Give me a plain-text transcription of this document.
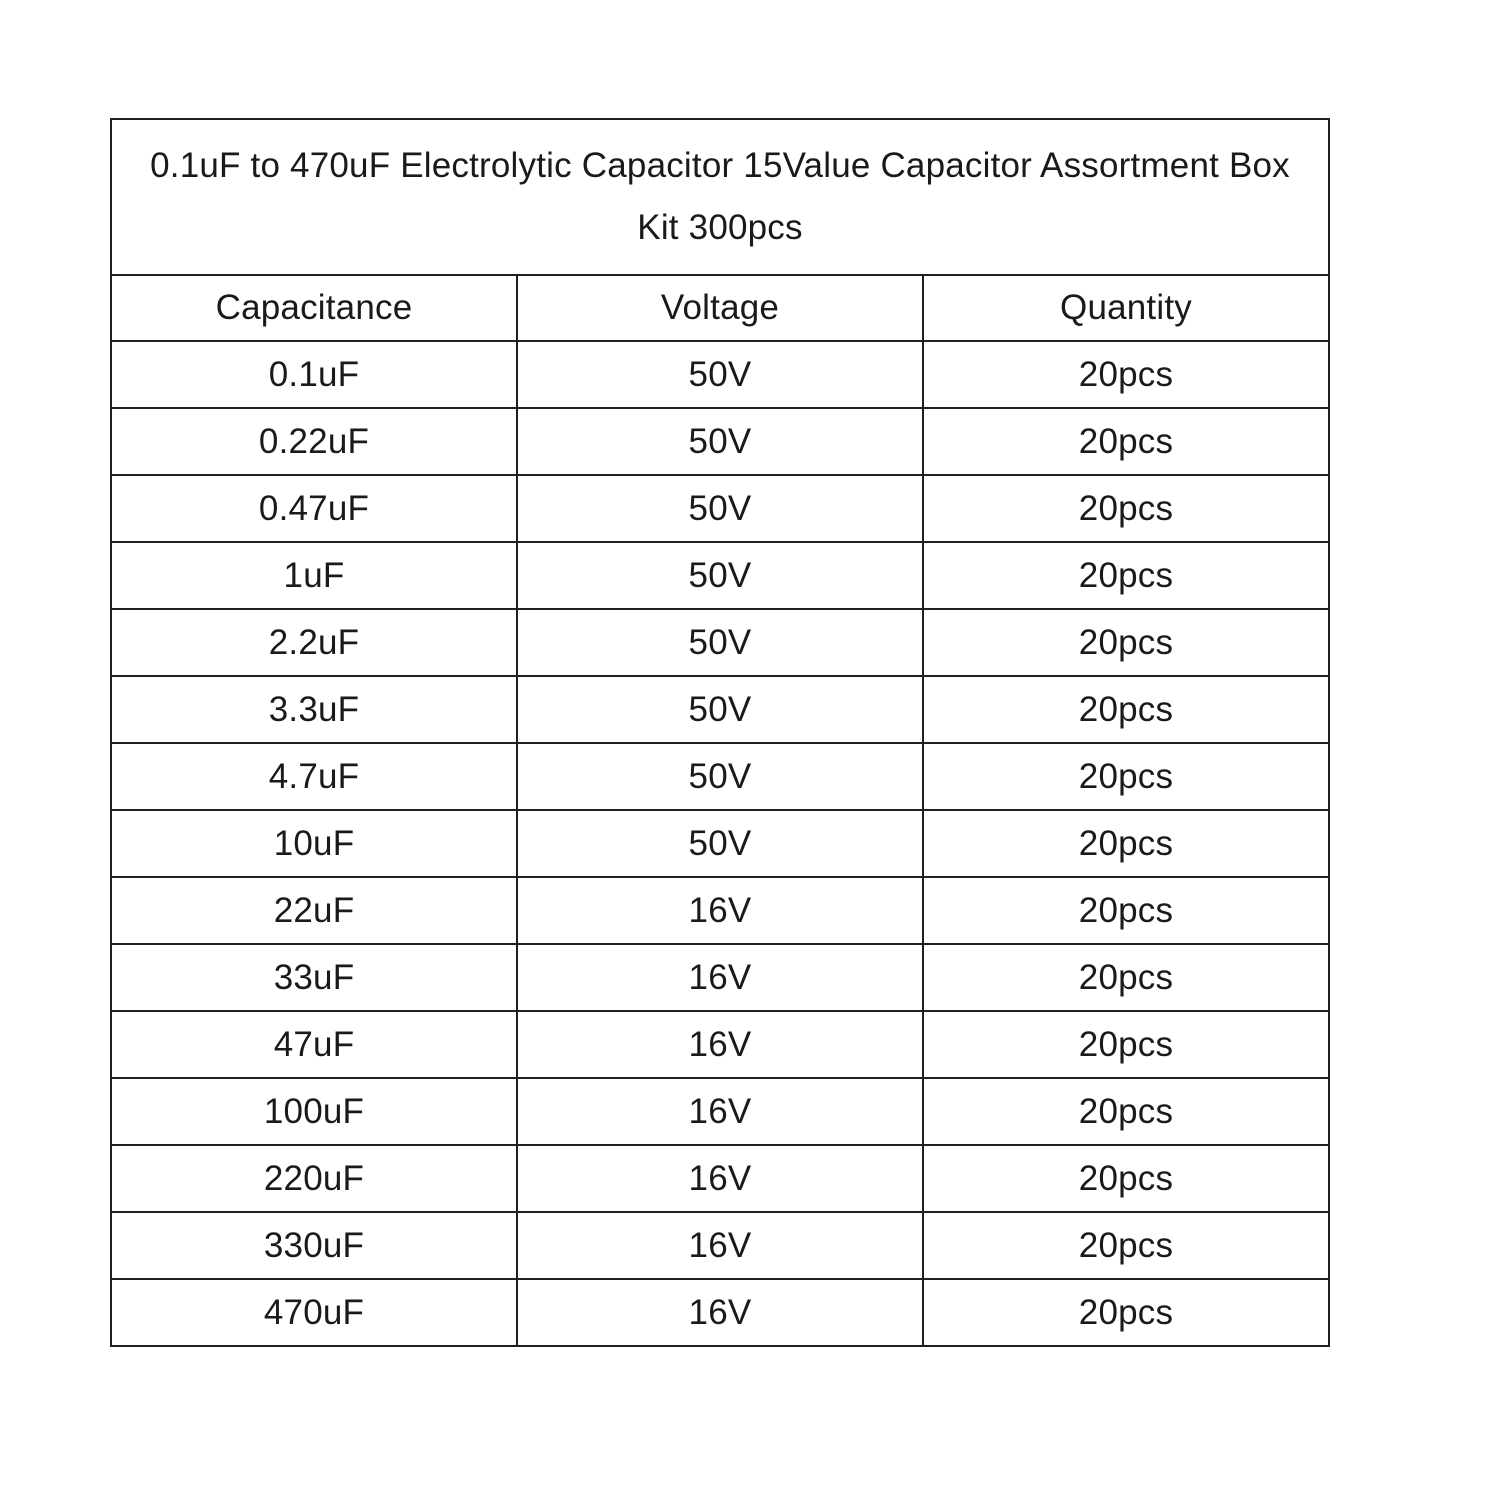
0.1uF to 470uF Electrolytic Capacitor 15Value Capacitor Assortment Box Kit 300pcs		
Capacitance	Voltage	Quantity
0.1uF	50V	20pcs
0.22uF	50V	20pcs
0.47uF	50V	20pcs
1uF	50V	20pcs
2.2uF	50V	20pcs
3.3uF	50V	20pcs
4.7uF	50V	20pcs
10uF	50V	20pcs
22uF	16V	20pcs
33uF	16V	20pcs
47uF	16V	20pcs
100uF	16V	20pcs
220uF	16V	20pcs
330uF	16V	20pcs
470uF	16V	20pcs
